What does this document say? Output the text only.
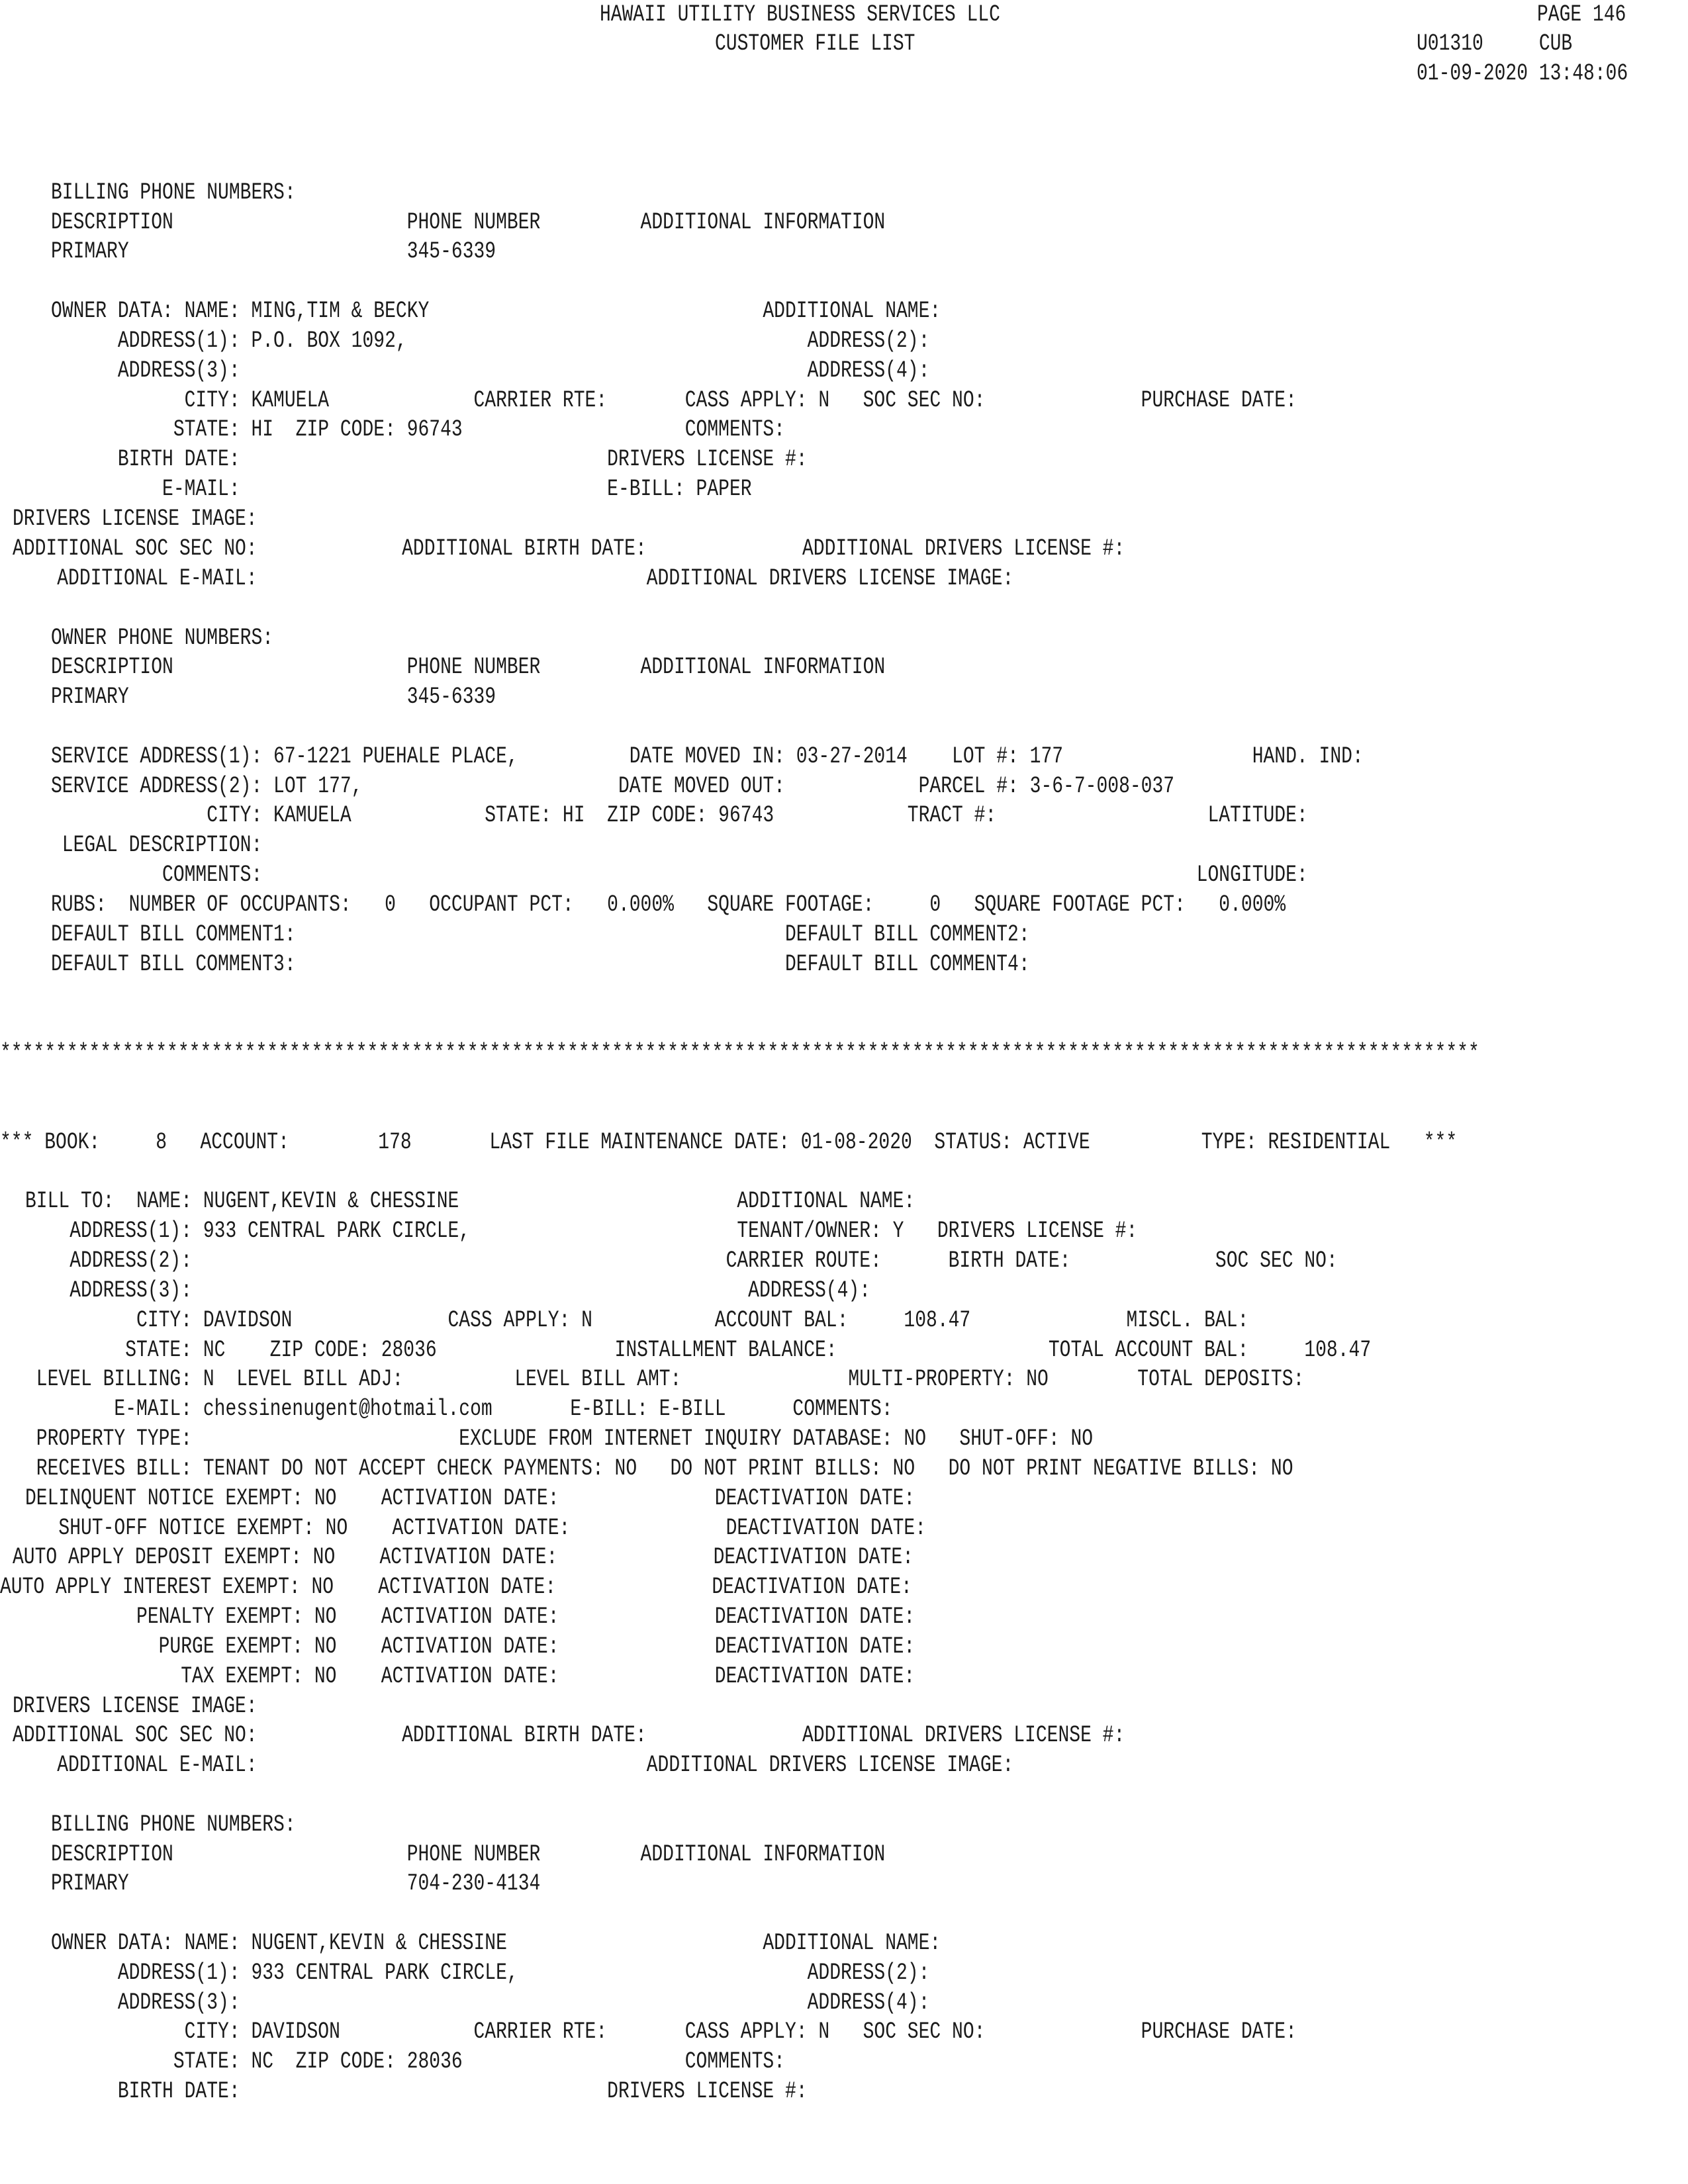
HAWAII UTILITY BUSINESS SERVICES LLC	PAGE 146
CUSTOMER FILE LIST	U01310     CUB
01-09-2020 13:48:06
BILLING PHONE NUMBERS:
DESCRIPTION                     PHONE NUMBER         ADDITIONAL INFORMATION
PRIMARY                         345-6339
OWNER DATA: NAME: MING,TIM & BECKY                              ADDITIONAL NAME:
ADDRESS(1): P.O. BOX 1092,                                    ADDRESS(2):
ADDRESS(3):                                                   ADDRESS(4):
CITY: KAMUELA             CARRIER RTE:       CASS APPLY: N   SOC SEC NO:              PURCHASE DATE:
STATE: HI  ZIP CODE: 96743                    COMMENTS:
BIRTH DATE:                                 DRIVERS LICENSE #:
E-MAIL:                                 E-BILL: PAPER
DRIVERS LICENSE IMAGE:
ADDITIONAL SOC SEC NO:             ADDITIONAL BIRTH DATE:              ADDITIONAL DRIVERS LICENSE #:
ADDITIONAL E-MAIL:                                   ADDITIONAL DRIVERS LICENSE IMAGE:
OWNER PHONE NUMBERS:
DESCRIPTION                     PHONE NUMBER         ADDITIONAL INFORMATION
PRIMARY                         345-6339
SERVICE ADDRESS(1): 67-1221 PUEHALE PLACE,          DATE MOVED IN: 03-27-2014    LOT #: 177                 HAND. IND:
SERVICE ADDRESS(2): LOT 177,                       DATE MOVED OUT:            PARCEL #: 3-6-7-008-037
CITY: KAMUELA            STATE: HI  ZIP CODE: 96743            TRACT #:                   LATITUDE:
LEGAL DESCRIPTION:
COMMENTS:                                                                                    LONGITUDE:
RUBS:  NUMBER OF OCCUPANTS:   0   OCCUPANT PCT:   0.000%   SQUARE FOOTAGE:     0   SQUARE FOOTAGE PCT:   0.000%
DEFAULT BILL COMMENT1:                                            DEFAULT BILL COMMENT2:
DEFAULT BILL COMMENT3:                                            DEFAULT BILL COMMENT4:
*************************************************************************************************************************************
*** BOOK:     8   ACCOUNT:        178       LAST FILE MAINTENANCE DATE: 01-08-2020  STATUS: ACTIVE          TYPE: RESIDENTIAL   ***
BILL TO:  NAME: NUGENT,KEVIN & CHESSINE                         ADDITIONAL NAME:
ADDRESS(1): 933 CENTRAL PARK CIRCLE,                        TENANT/OWNER: Y   DRIVERS LICENSE #:
ADDRESS(2):                                                CARRIER ROUTE:      BIRTH DATE:             SOC SEC NO:
ADDRESS(3):                                                  ADDRESS(4):
CITY: DAVIDSON              CASS APPLY: N           ACCOUNT BAL:     108.47              MISCL. BAL:
STATE: NC    ZIP CODE: 28036                INSTALLMENT BALANCE:                   TOTAL ACCOUNT BAL:     108.47
LEVEL BILLING: N  LEVEL BILL ADJ:          LEVEL BILL AMT:               MULTI-PROPERTY: NO        TOTAL DEPOSITS:
E-MAIL: chessinenugent@hotmail.com       E-BILL: E-BILL      COMMENTS:
PROPERTY TYPE:                        EXCLUDE FROM INTERNET INQUIRY DATABASE: NO   SHUT-OFF: NO
RECEIVES BILL: TENANT DO NOT ACCEPT CHECK PAYMENTS: NO   DO NOT PRINT BILLS: NO   DO NOT PRINT NEGATIVE BILLS: NO
DELINQUENT NOTICE EXEMPT: NO    ACTIVATION DATE:              DEACTIVATION DATE:
SHUT-OFF NOTICE EXEMPT: NO    ACTIVATION DATE:              DEACTIVATION DATE:
AUTO APPLY DEPOSIT EXEMPT: NO    ACTIVATION DATE:              DEACTIVATION DATE:
AUTO APPLY INTEREST EXEMPT: NO    ACTIVATION DATE:              DEACTIVATION DATE:
PENALTY EXEMPT: NO    ACTIVATION DATE:              DEACTIVATION DATE:
PURGE EXEMPT: NO    ACTIVATION DATE:              DEACTIVATION DATE:
TAX EXEMPT: NO    ACTIVATION DATE:              DEACTIVATION DATE:
DRIVERS LICENSE IMAGE:
ADDITIONAL SOC SEC NO:             ADDITIONAL BIRTH DATE:              ADDITIONAL DRIVERS LICENSE #:
ADDITIONAL E-MAIL:                                   ADDITIONAL DRIVERS LICENSE IMAGE:
BILLING PHONE NUMBERS:
DESCRIPTION                     PHONE NUMBER         ADDITIONAL INFORMATION
PRIMARY                         704-230-4134
OWNER DATA: NAME: NUGENT,KEVIN & CHESSINE                       ADDITIONAL NAME:
ADDRESS(1): 933 CENTRAL PARK CIRCLE,                          ADDRESS(2):
ADDRESS(3):                                                   ADDRESS(4):
CITY: DAVIDSON            CARRIER RTE:       CASS APPLY: N   SOC SEC NO:              PURCHASE DATE:
STATE: NC  ZIP CODE: 28036                    COMMENTS:
BIRTH DATE:                                 DRIVERS LICENSE #:
